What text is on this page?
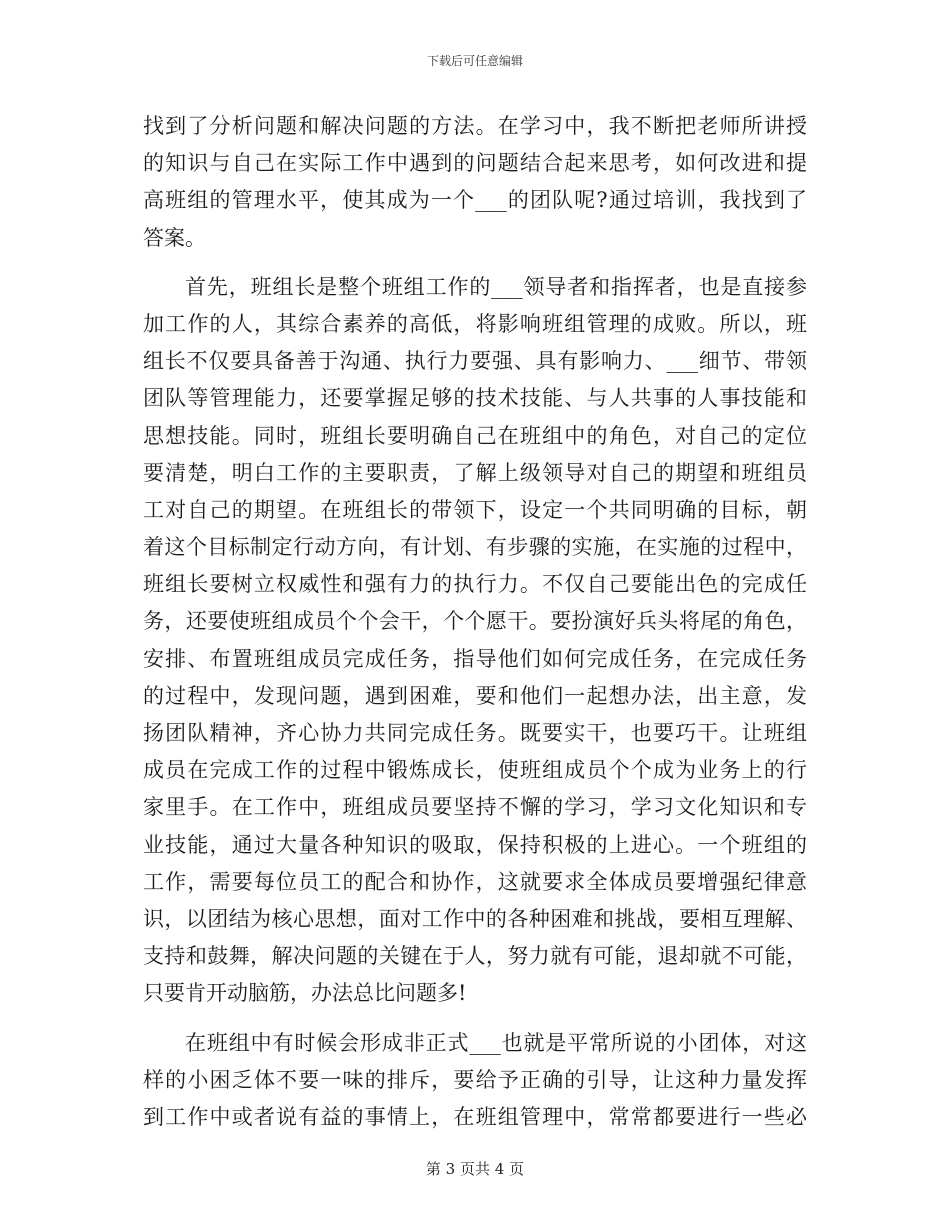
下载后可任意编辑
找到了分析问题和解决问题的方法。在学习中，我不断把老师所讲授
的知识与自己在实际工作中遇到的问题结合起来思考，如何改进和提
高班组的管理水平，使其成为一个___的团队呢?通过培训，我找到了
答案。
首先，班组长是整个班组工作的___领导者和指挥者，也是直接参
加工作的人，其综合素养的高低，将影响班组管理的成败。所以，班
组长不仅要具备善于沟通、执行力要强、具有影响力、___细节、带领
团队等管理能力，还要掌握足够的技术技能、与人共事的人事技能和
思想技能。同时，班组长要明确自己在班组中的角色，对自己的定位
要清楚，明白工作的主要职责，了解上级领导对自己的期望和班组员
工对自己的期望。在班组长的带领下，设定一个共同明确的目标，朝
着这个目标制定行动方向，有计划、有步骤的实施，在实施的过程中，
班组长要树立权威性和强有力的执行力。不仅自己要能出色的完成任
务，还要使班组成员个个会干，个个愿干。要扮演好兵头将尾的角色，
安排、布置班组成员完成任务，指导他们如何完成任务，在完成任务
的过程中，发现问题，遇到困难，要和他们一起想办法，出主意，发
扬团队精神，齐心协力共同完成任务。既要实干，也要巧干。让班组
成员在完成工作的过程中锻炼成长，使班组成员个个成为业务上的行
家里手。在工作中，班组成员要坚持不懈的学习，学习文化知识和专
业技能，通过大量各种知识的吸取，保持积极的上进心。一个班组的
工作，需要每位员工的配合和协作，这就要求全体成员要增强纪律意
识，以团结为核心思想，面对工作中的各种困难和挑战，要相互理解、
支持和鼓舞，解决问题的关键在于人，努力就有可能，退却就不可能，
只要肯开动脑筋，办法总比问题多!
在班组中有时候会形成非正式___也就是平常所说的小团体，对这
样的小困乏体不要一味的排斥，要给予正确的引导，让这种力量发挥
到工作中或者说有益的事情上，在班组管理中，常常都要进行一些必
第 3 页共 4 页
